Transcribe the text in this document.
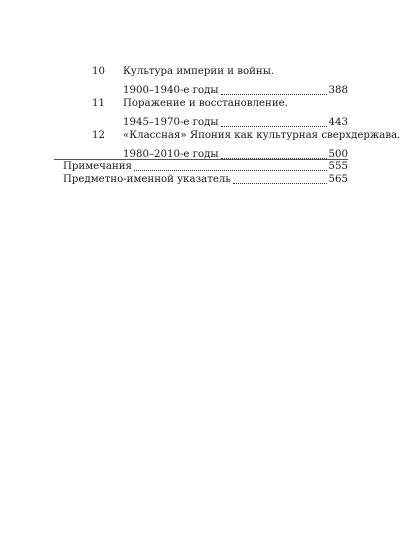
10	Культура империи и войны.
1900–1940-е годы	388
11	Поражение и восстановление.
1945–1970-е годы	443
12	«Классная» Япония как культурная сверхдержава.
1980–2010-е годы	500
Примечания	555
Предметно-именной указатель	565
